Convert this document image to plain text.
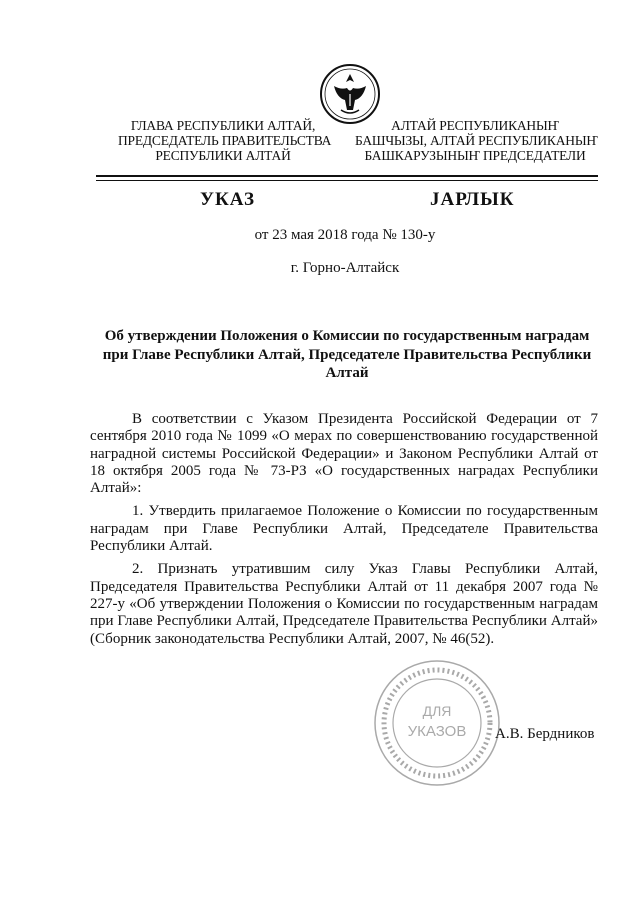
ГЛАВА РЕСПУБЛИКИ АЛТАЙ,
ПРЕДСЕДАТЕЛЬ ПРАВИТЕЛЬСТВА
РЕСПУБЛИКИ АЛТАЙ
АЛТАЙ РЕСПУБЛИКАНЫҤ
БАШЧЫЗЫ, АЛТАЙ РЕСПУБЛИКАНЫҤ
БАШКАРУЗЫНЫҤ ПРЕДСЕДАТЕЛИ
УКАЗ	JАРЛЫК
от 23 мая 2018 года № 130-у
г. Горно-Алтайск
Об утверждении Положения о Комиссии по государственным наградам при Главе Республики Алтай, Председателе Правительства Республики Алтай

В соответствии с Указом Президента Российской Федерации от 7 сентября 2010 года № 1099 «О мерах по совершенствованию государственной наградной системы Российской Федерации» и Законом Республики Алтай от 18 октября 2005 года № 73-РЗ «О государственных наградах Республики Алтай»:

1. Утвердить прилагаемое Положение о Комиссии по государственным наградам при Главе Республики Алтай, Председателе Правительства Республики Алтай.

2. Признать утратившим силу Указ Главы Республики Алтай, Председателя Правительства Республики Алтай от 11 декабря 2007 года № 227-у «Об утверждении Положения о Комиссии по государственным наградам при Главе Республики Алтай, Председателе Правительства Республики Алтай» (Сборник законодательства Республики Алтай, 2007, № 46(52).

ДЛЯ
УКАЗОВ А.В. Бердников
